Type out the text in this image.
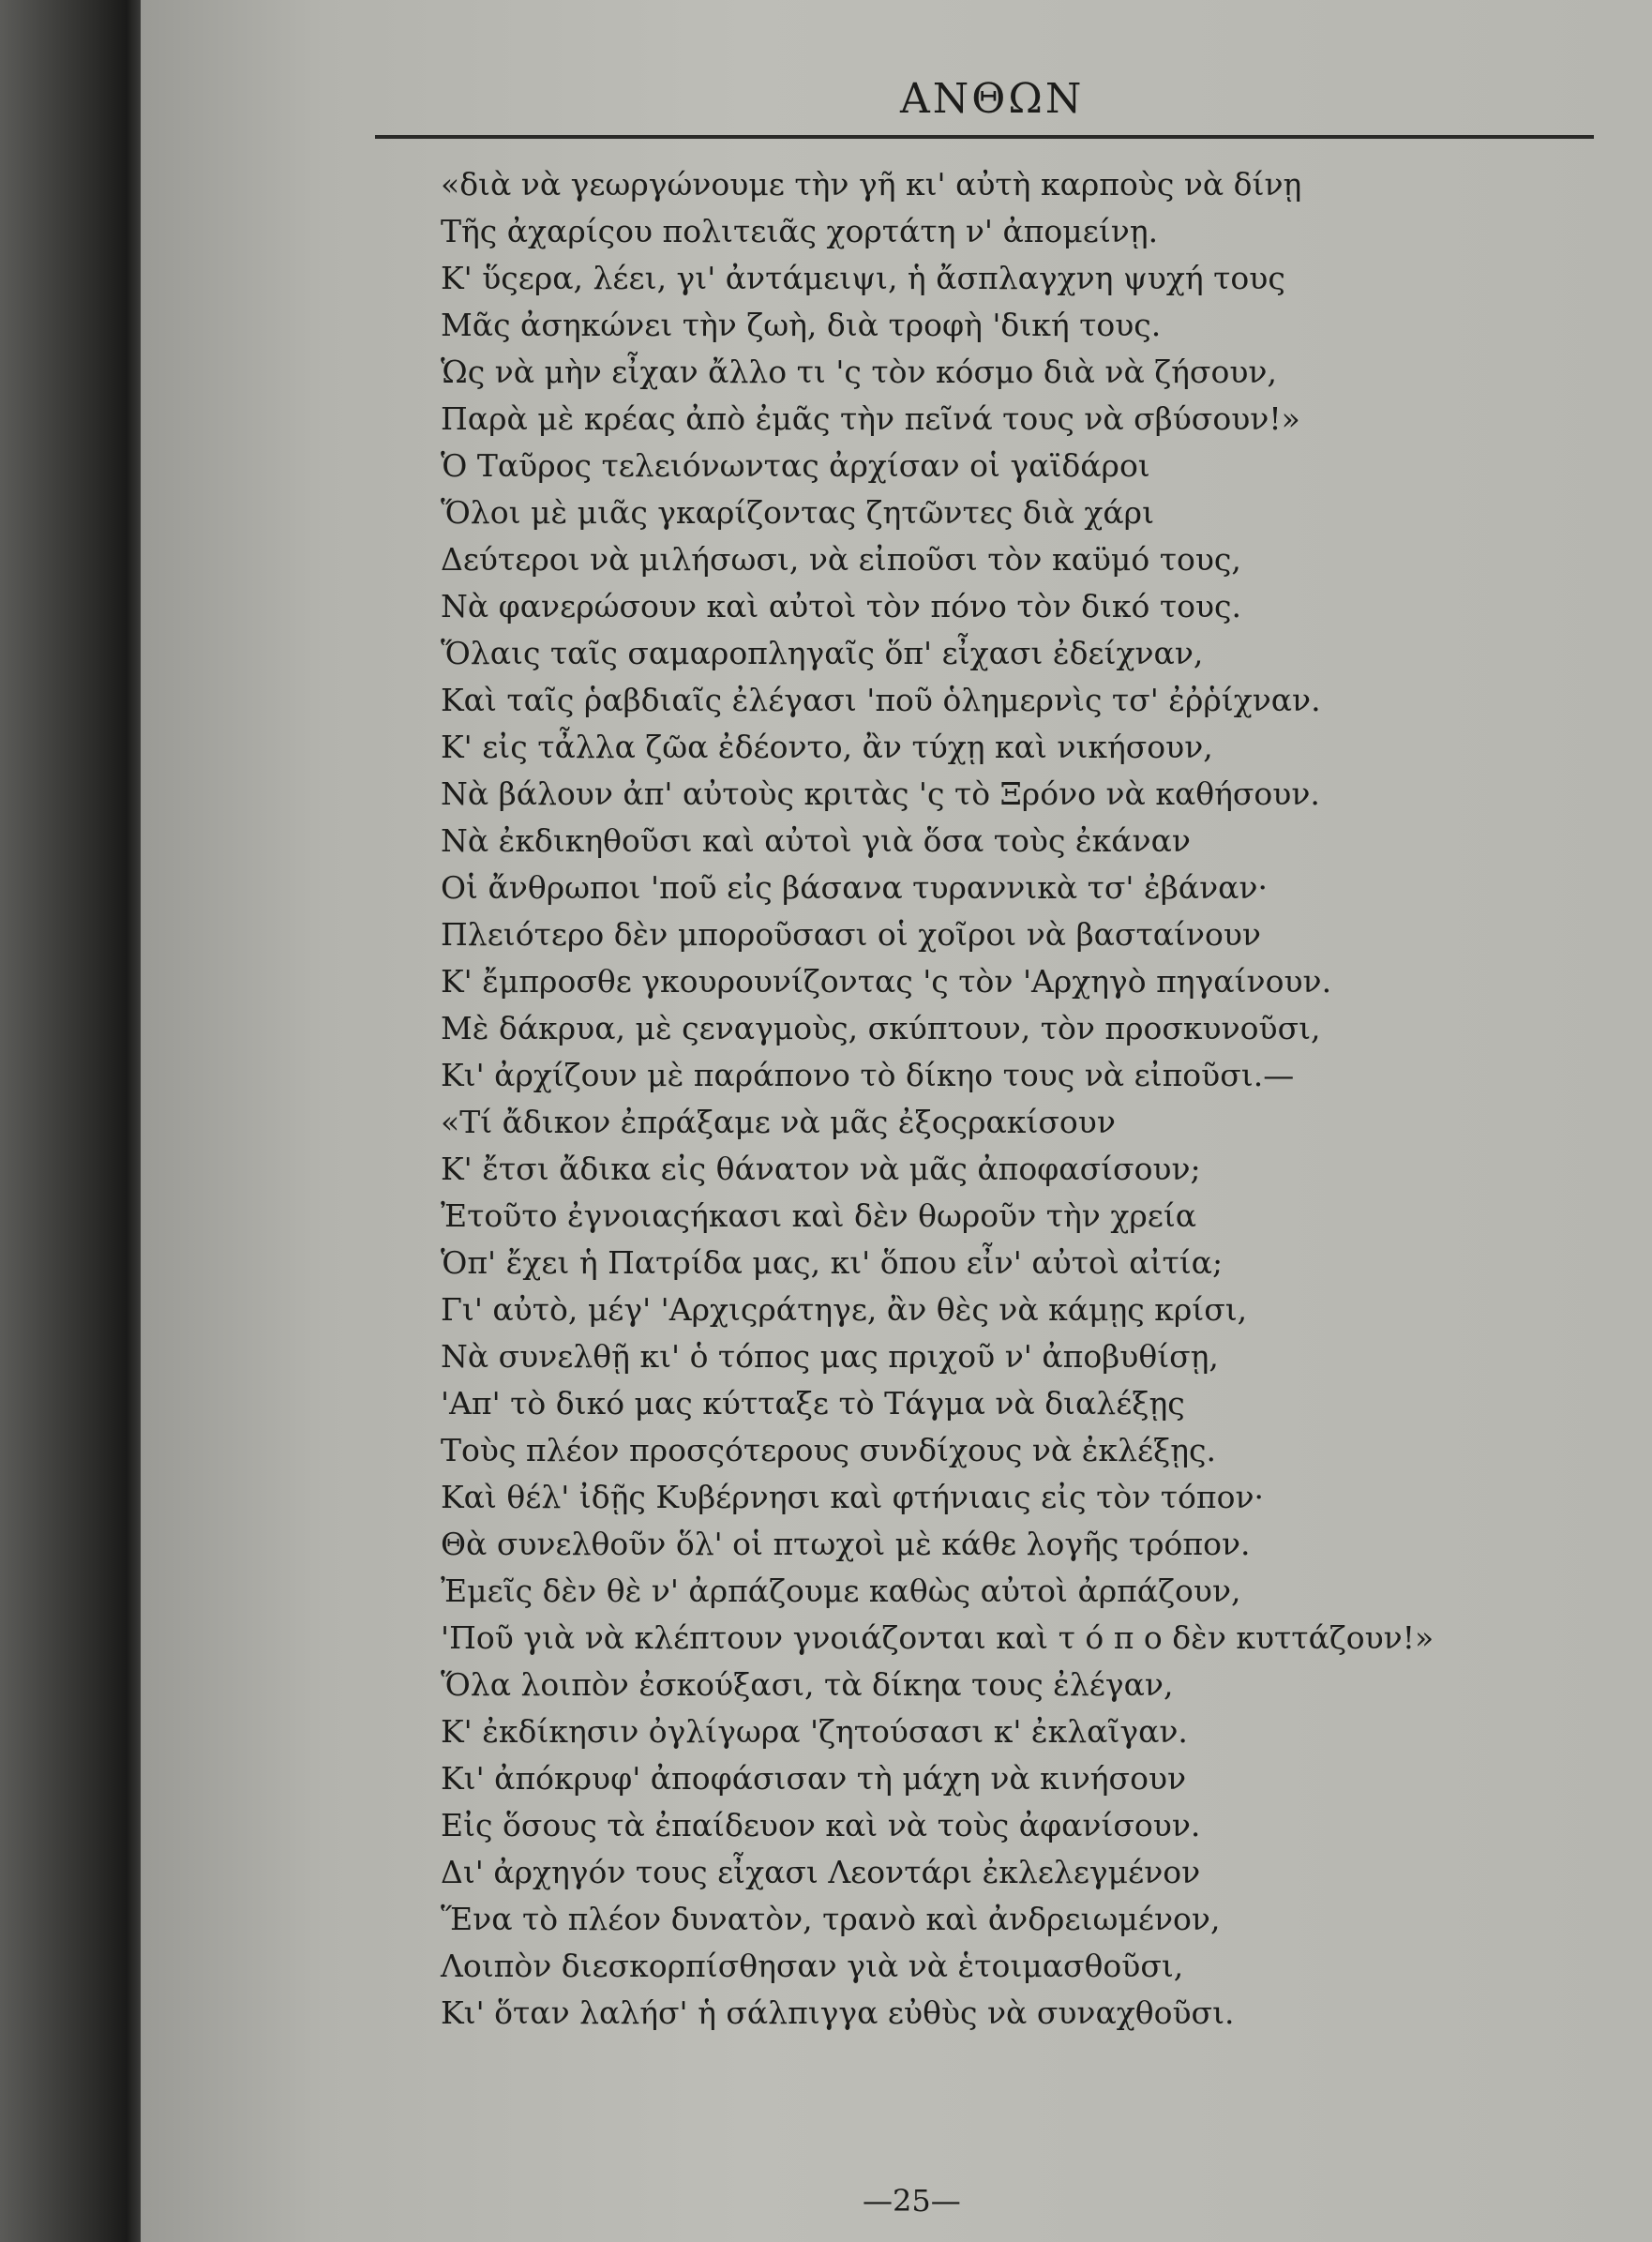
ΑΝΘΩΝ
«διὰ νὰ γεωργώνουμε τὴν γῆ κι' αὐτὴ καρποὺς νὰ δίνῃ
Τῆς ἀχαρίςου πολιτειᾶς χορτάτη ν' ἀπομείνῃ.
Κ' ὕςερα, λέει, γι' ἀντάμειψι, ἡ ἄσπλαγχνη ψυχή τους
Μᾶς ἀσηκώνει τὴν ζωὴ, διὰ τροφὴ 'δική τους.
Ὡς νὰ μὴν εἶχαν ἄλλο τι 'ς τὸν κόσμο διὰ νὰ ζήσουν,
Παρὰ μὲ κρέας ἀπὸ ἐμᾶς τὴν πεῖνά τους νὰ σβύσουν!»
Ὁ Ταῦρος τελειόνωντας ἀρχίσαν οἱ γαϊδάροι
Ὅλοι μὲ μιᾶς γκαρίζοντας ζητῶντες διὰ χάρι
Δεύτεροι νὰ μιλήσωσι, νὰ εἰποῦσι τὸν καϋμό τους,
Νὰ φανερώσουν καὶ αὐτοὶ τὸν πόνο τὸν δικό τους.
Ὅλαις ταῖς σαμαροπληγαῖς ὅπ' εἶχασι ἐδείχναν,
Καὶ ταῖς ῥαβδιαῖς ἐλέγασι 'ποῦ ὁλημερνὶς τσ' ἐῤῥίχναν.
Κ' εἰς τἆλλα ζῶα ἐδέοντο, ἂν τύχῃ καὶ νικήσουν,
Νὰ βάλουν ἀπ' αὐτοὺς κριτὰς 'ς τὸ Ξρόνο νὰ καθήσουν.
Νὰ ἐκδικηθοῦσι καὶ αὐτοὶ γιὰ ὅσα τοὺς ἐκάναν
Οἱ ἄνθρωποι 'ποῦ εἰς βάσανα τυραννικὰ τσ' ἐβάναν·
Πλειότερο δὲν μποροῦσασι οἱ χοῖροι νὰ βασταίνουν
Κ' ἔμπροσθε γκουρουνίζοντας 'ς τὸν 'Αρχηγὸ πηγαίνουν.
Μὲ δάκρυα, μὲ ςεναγμοὺς, σκύπτουν, τὸν προσκυνοῦσι,
Κι' ἀρχίζουν μὲ παράπονο τὸ δίκηο τους νὰ εἰποῦσι.—
«Τί ἄδικον ἐπράξαμε νὰ μᾶς ἐξοςρακίσουν
Κ' ἔτσι ἄδικα εἰς θάνατον νὰ μᾶς ἀποφασίσουν;
Ἐτοῦτο ἐγνοιαςήκασι καὶ δὲν θωροῦν τὴν χρεία
Ὁπ' ἔχει ἡ Πατρίδα μας, κι' ὅπου εἶν' αὐτοὶ αἰτία;
Γι' αὐτὸ, μέγ' 'Αρχιςράτηγε, ἂν θὲς νὰ κάμῃς κρίσι,
Νὰ συνελθῇ κι' ὁ τόπος μας πριχοῦ ν' ἀποβυθίσῃ,
'Απ' τὸ δικό μας κύτταξε τὸ Τάγμα νὰ διαλέξῃς
Τοὺς πλέον προσςότερους συνδίχους νὰ ἐκλέξῃς.
Καὶ θέλ' ἰδῇς Κυβέρνησι καὶ φτήνιαις εἰς τὸν τόπον·
Θὰ συνελθοῦν ὅλ' οἱ πτωχοὶ μὲ κάθε λογῆς τρόπον.
Ἐμεῖς δὲν θὲ ν' ἀρπάζουμε καθὼς αὐτοὶ ἀρπάζουν,
'Ποῦ γιὰ νὰ κλέπτουν γνοιάζονται καὶ τ ό π ο δὲν κυττάζουν!»
Ὅλα λοιπὸν ἐσκούξασι, τὰ δίκηα τους ἐλέγαν,
Κ' ἐκδίκησιν ὀγλίγωρα 'ζητούσασι κ' ἐκλαῖγαν.
Κι' ἀπόκρυφ' ἀποφάσισαν τὴ μάχη νὰ κινήσουν
Εἰς ὅσους τὰ ἐπαίδευον καὶ νὰ τοὺς ἀφανίσουν.
Δι' ἀρχηγόν τους εἶχασι Λεοντάρι ἐκλελεγμένον
Ἕνα τὸ πλέον δυνατὸν, τρανὸ καὶ ἀνδρειωμένον,
Λοιπὸν διεσκορπίσθησαν γιὰ νὰ ἑτοιμασθοῦσι,
Κι' ὅταν λαλήσ' ἡ σάλπιγγα εὐθὺς νὰ συναχθοῦσι.
—25—
